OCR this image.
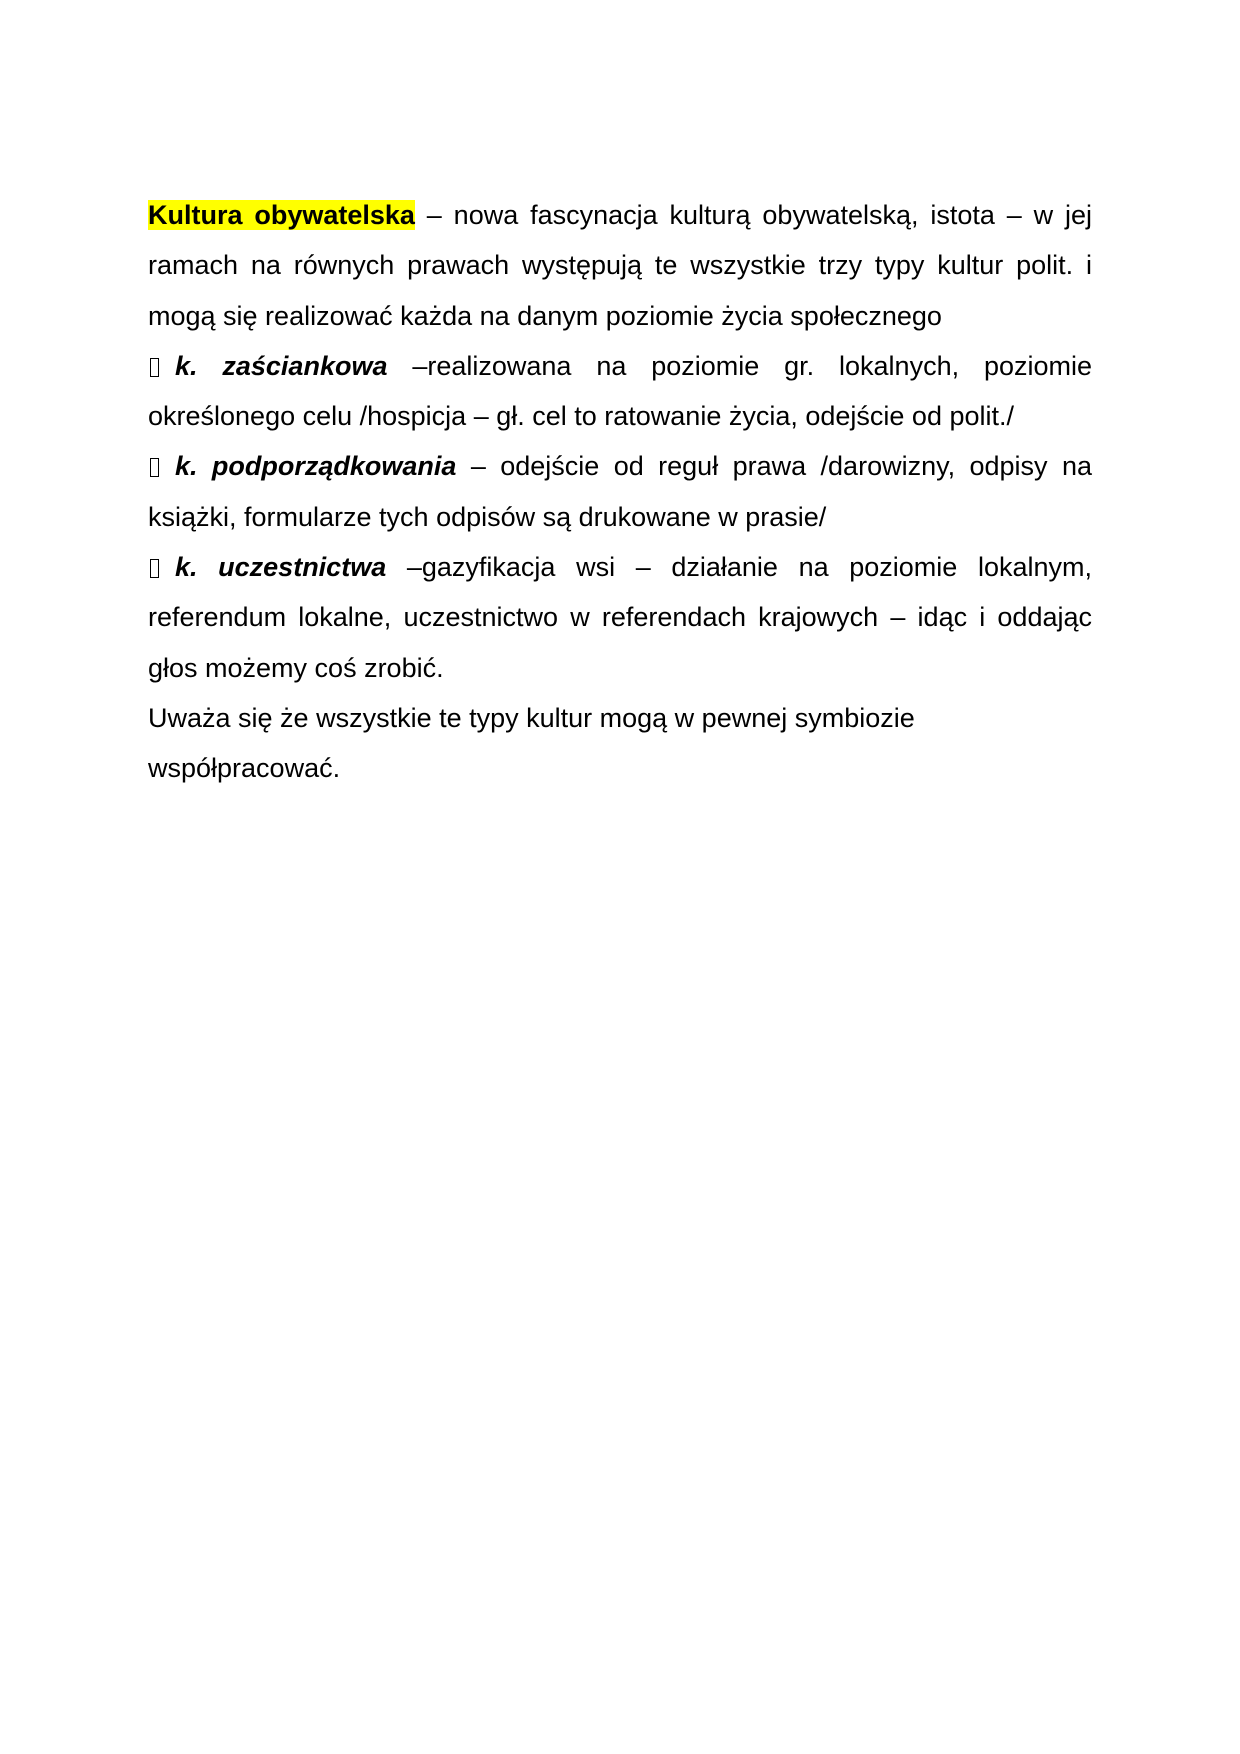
Kultura obywatelska – nowa fascynacja kulturą obywatelską, istota – w jej ramach na równych prawach występują te wszystkie trzy typy kultur polit. i mogą się realizować każda na danym poziomie życia społecznego

k. zaściankowa –realizowana na poziomie gr. lokalnych, poziomie określonego celu /hospicja – gł. cel to ratowanie życia, odejście od polit./

k. podporządkowania – odejście od reguł prawa /darowizny, odpisy na książki, formularze tych odpisów są drukowane w prasie/

k. uczestnictwa –gazyfikacja wsi – działanie na poziomie lokalnym, referendum lokalne, uczestnictwo w referendach krajowych – idąc i oddając głos możemy coś zrobić.

Uważa się że wszystkie te typy kultur mogą w pewnej symbiozie współpracować.
